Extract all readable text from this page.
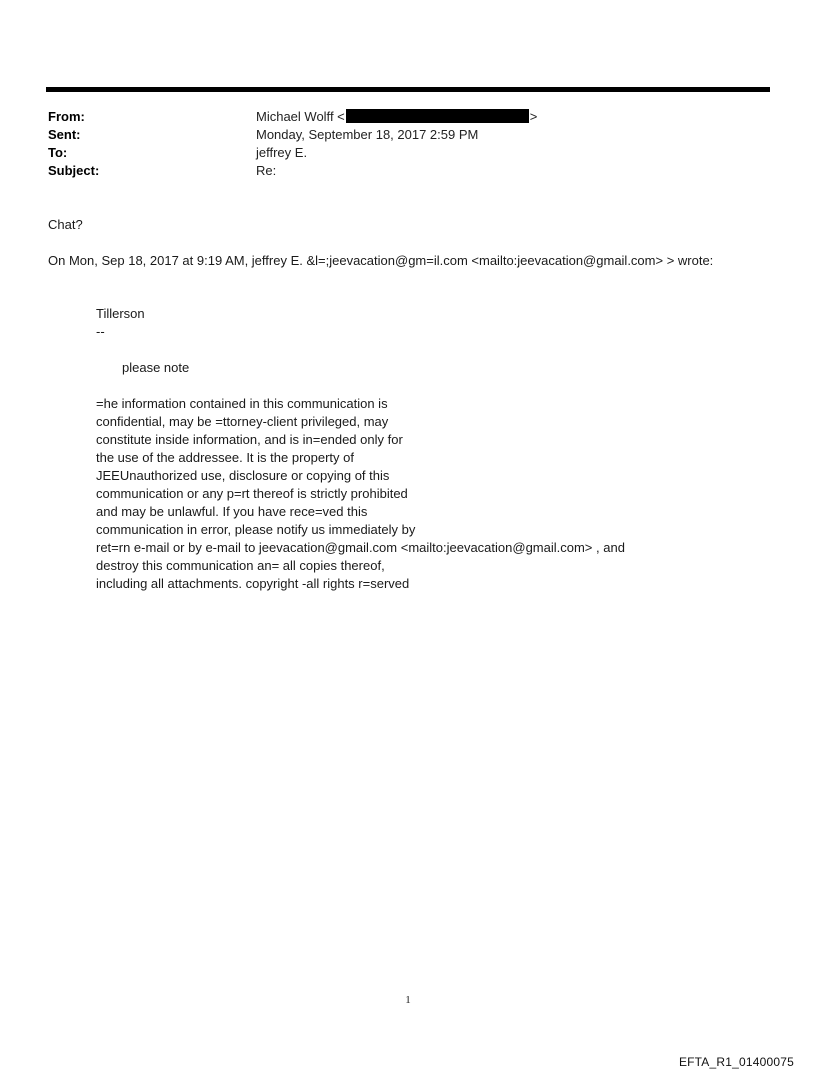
From:	Michael Wolff <	>
Sent:	Monday, September 18, 2017 2:59 PM
To:	jeffrey E.
Subject:	Re:
Chat?
On Mon, Sep 18, 2017 at 9:19 AM, jeffrey E. &l=;jeevacation@gm=il.com <mailto:jeevacation@gmail.com> > wrote:
Tillerson
--
please note
=he information contained in this communication is
confidential, may be =ttorney-client privileged, may
constitute inside information, and is in=ended only for
the use of the addressee. It is the property of
JEEUnauthorized use, disclosure or copying of this
communication or any p=rt thereof is strictly prohibited
and may be unlawful. If you have rece=ved this
communication in error, please notify us immediately by
ret=rn e-mail or by e-mail to jeevacation@gmail.com <mailto:jeevacation@gmail.com> , and
destroy this communication an= all copies thereof,
including all attachments. copyright -all rights r=served
1
EFTA_R1_01400075
